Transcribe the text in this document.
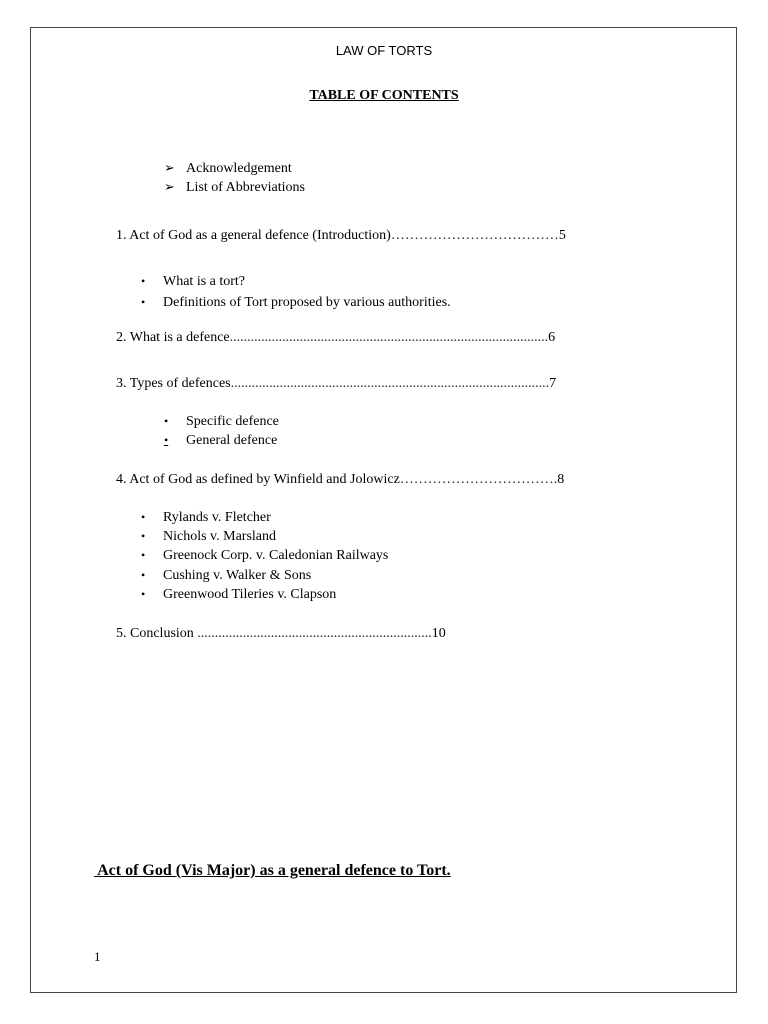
LAW OF TORTS
TABLE OF CONTENTS
➢ Acknowledgement
➢ List of Abbreviations
1. Act of God as a general defence (Introduction)………………………………5
• What is a tort?
• Definitions of Tort proposed by various authorities.
2. What is a defence...........................................................................................6
3. Types of defences...........................................................................................7
• Specific defence
• General defence
4. Act of God as defined by Winfield and Jolowicz…………………………….8
• Rylands v. Fletcher
• Nichols v. Marsland
• Greenock Corp. v. Caledonian Railways
• Cushing v. Walker & Sons
• Greenwood Tileries v. Clapson
5. Conclusion ...................................................................10
Act of God (Vis Major) as a general defence to Tort.
1
